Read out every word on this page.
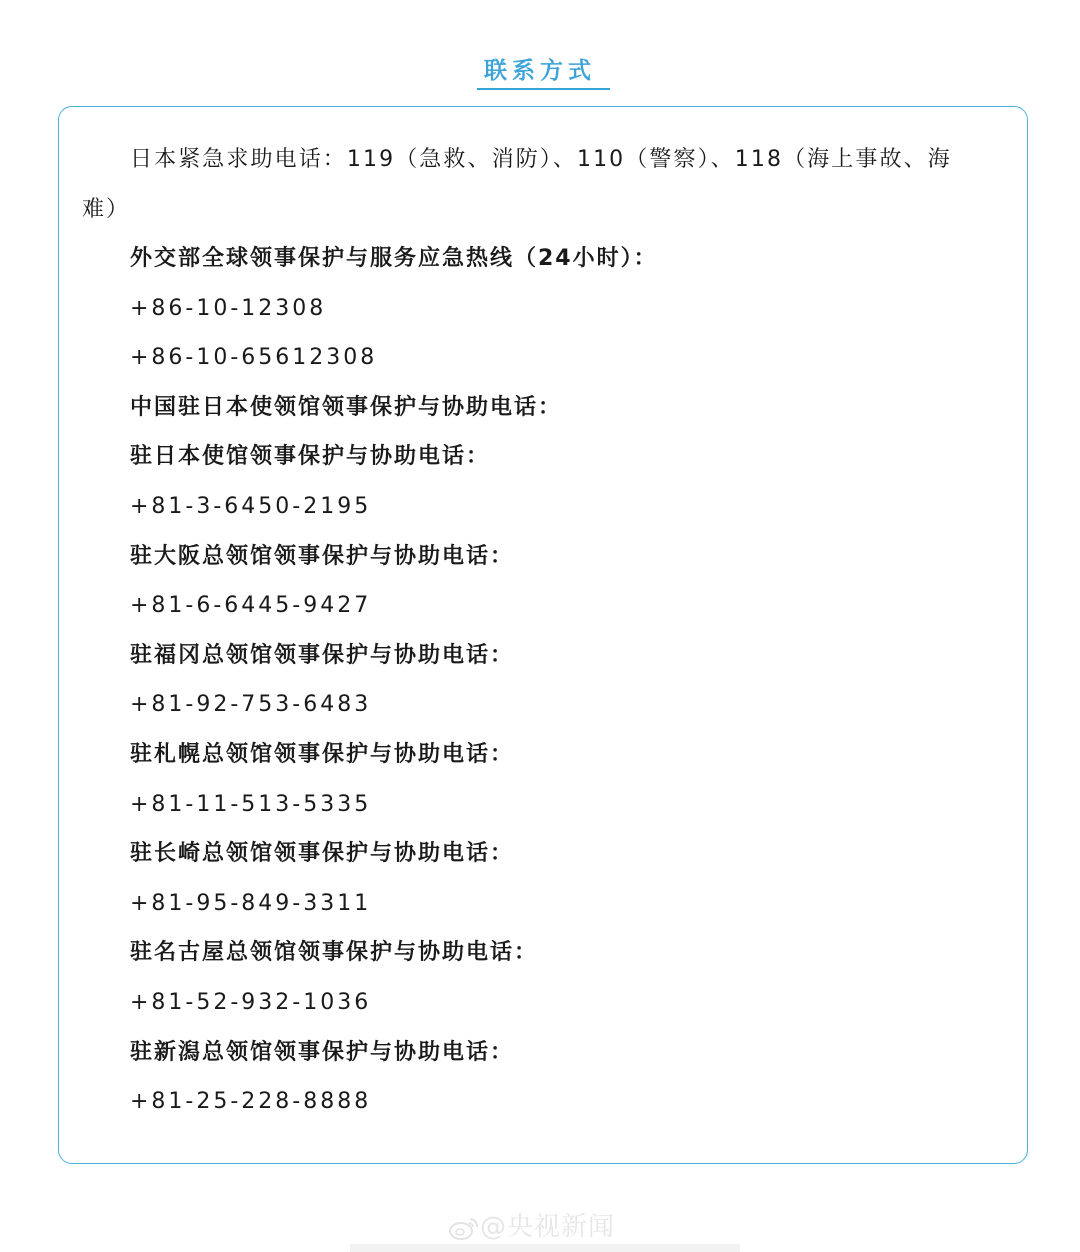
联系方式
日本紧急求助电话：119（急救、消防）、110（警察）、118（海上事故、海
难）
外交部全球领事保护与服务应急热线（24小时）：
+86-10-12308
+86-10-65612308
中国驻日本使领馆领事保护与协助电话：
驻日本使馆领事保护与协助电话：
+81-3-6450-2195
驻大阪总领馆领事保护与协助电话：
+81-6-6445-9427
驻福冈总领馆领事保护与协助电话：
+81-92-753-6483
驻札幌总领馆领事保护与协助电话：
+81-11-513-5335
驻长崎总领馆领事保护与协助电话：
+81-95-849-3311
驻名古屋总领馆领事保护与协助电话：
+81-52-932-1036
驻新潟总领馆领事保护与协助电话：
+81-25-228-8888
@央视新闻
